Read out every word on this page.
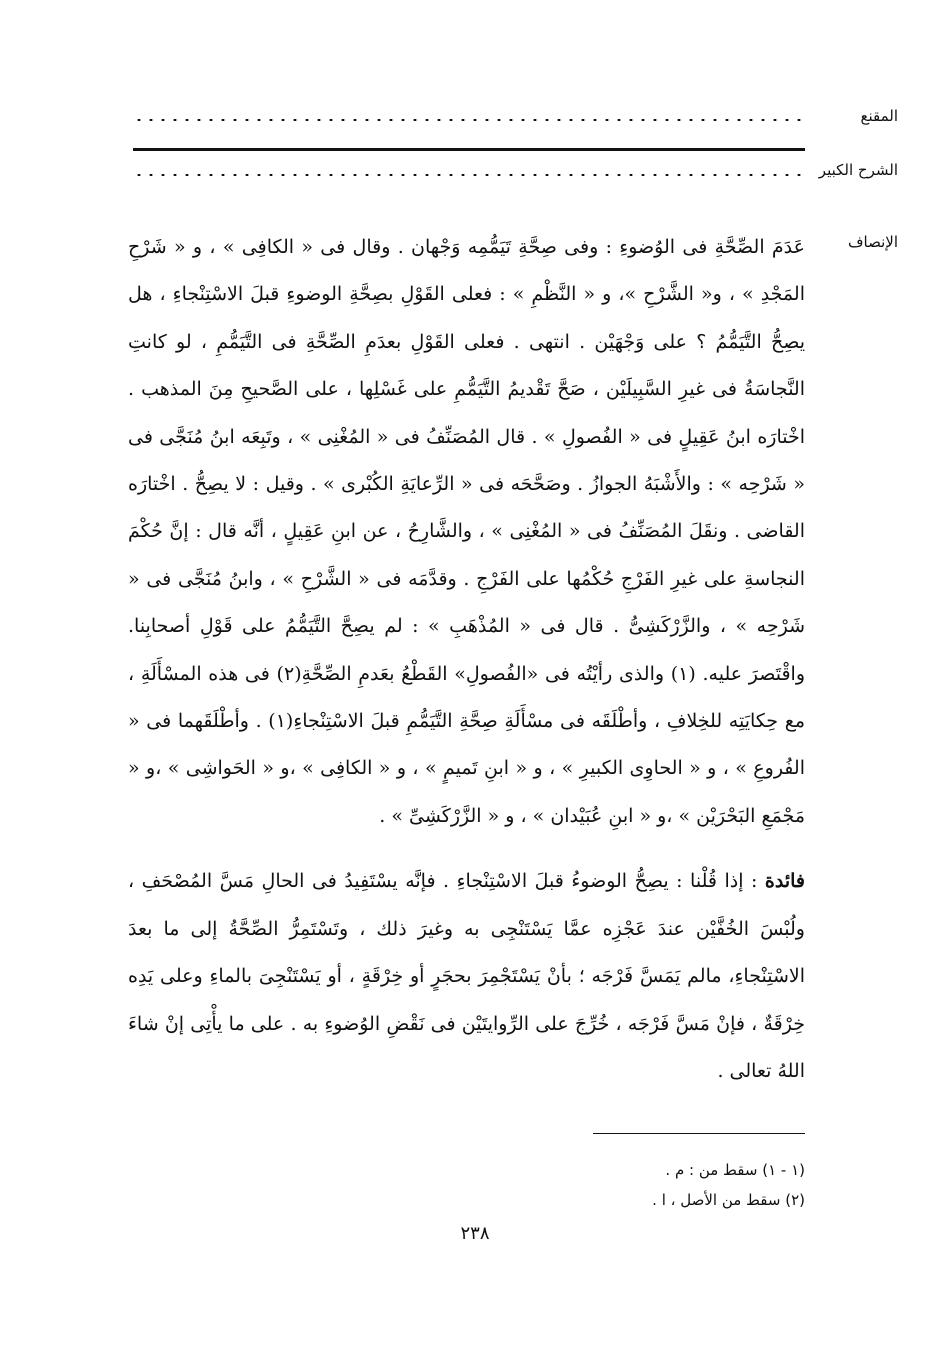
المقنع
الشرح الكبير
الإنصاف

عَدَمَ الصِّحَّةِ فى الوُضوءِ : وفى صِحَّةِ تَيَمُّمِه وَجْهان . وقال فى « الكافِى » ، و « شَرْحِ المَجْدِ » ، و« الشَّرْحِ »، و « النَّظْمِ » : فعلى القَوْلِ بصِحَّةِ الوضوءِ قبلَ الاسْتِنْجاءِ ، هل يصِحُّ التَّيَمُّمُ ؟ على وَجْهَيْن . انتهى . فعلى القَوْلِ بعدَمِ الصِّحَّةِ فى التَّيَمُّمِ ، لو كانتِ النَّجاسَةُ فى غيرِ السَّبِيلَيْن ، صَحَّ تَقْديمُ التَّيَمُّمِ على غَسْلِها ، على الصَّحيحِ مِنَ المذهب . اخْتارَه ابنُ عَقِيلٍ فى « الفُصولِ » . قال المُصَنِّفُ فى « المُغْنِى » ، وتَبِعَه ابنُ مُنَجَّى فى « شَرْحِه » : والأَشْبَهُ الجوازُ . وصَحَّحَه فى « الرِّعايَةِ الكُبْرى » . وقيل : لا يصِحُّ . اخْتارَه القاضى . ونقَلَ المُصَنِّفُ فى « المُغْنِى » ، والشَّارِحُ ، عن ابنِ عَقِيلٍ ، أنَّه قال : إنَّ حُكْمَ النجاسةِ على غيرِ الفَرْجِ حُكْمُها على الفَرْجِ . وقدَّمَه فى « الشَّرْحِ » ، وابنُ مُنَجَّى فى « شَرْحِه » ، والزَّرْكَشِىُّ . قال فى « المُذْهَبِ » : لم يصِحَّ التَّيَمُّمُ على قَوْلِ أصحابِنا. واقْتَصرَ عليه. (١) والذى رأيْتُه فى «الفُصولِ» القَطْعُ بعَدمِ الصِّحَّةِ(٢) فى هذه المسْأَلَةِ ، مع حِكايَتِه للخِلافِ ، وأطْلَقَه فى مسْأَلَةِ صِحَّةِ التَّيَمُّمِ قبلَ الاسْتِنْجاءِ(١) . وأطْلَقَهما فى « الفُروعِ » ، و « الحاوِى الكبيرِ » ، و « ابنِ تَميمٍ » ، و « الكافِى » ،و « الحَواشِى » ،و « مَجْمَعِ البَحْرَيْن » ،و « ابنِ عُبَيْدان » ، و « الزَّرْكَشِىِّ » .

فائدة : إذا قُلْنا : يصِحُّ الوضوءُ قبلَ الاسْتِنْجاءِ . فإنَّه يسْتَفِيدُ فى الحالِ مَسَّ المُصْحَفِ ، ولُبْسَ الخُفَّيْن عندَ عَجْزِه عمَّا يَسْتَنْجِى به وغيرَ ذلك ، وتَسْتَمِرُّ الصِّحَّةُ إلى ما بعدَ الاسْتِنْجاءِ، مالم يَمَسَّ فَرْجَه ؛ بأنْ يَسْتَجْمِرَ بحجَرٍ أو خِرْقَةٍ ، أو يَسْتَنْجِىَ بالماءِ وعلى يَدِه خِرْقَةٌ ، فإنْ مَسَّ فَرْجَه ، خُرِّجَ على الرِّوايتَيْن فى نَقْضِ الوُضوءِ به . على ما يأْتِى إنْ شاءَ اللهُ تعالى .

(١ - ١) سقط من : م .
(٢) سقط من الأصل ، ا .
٢٣٨
